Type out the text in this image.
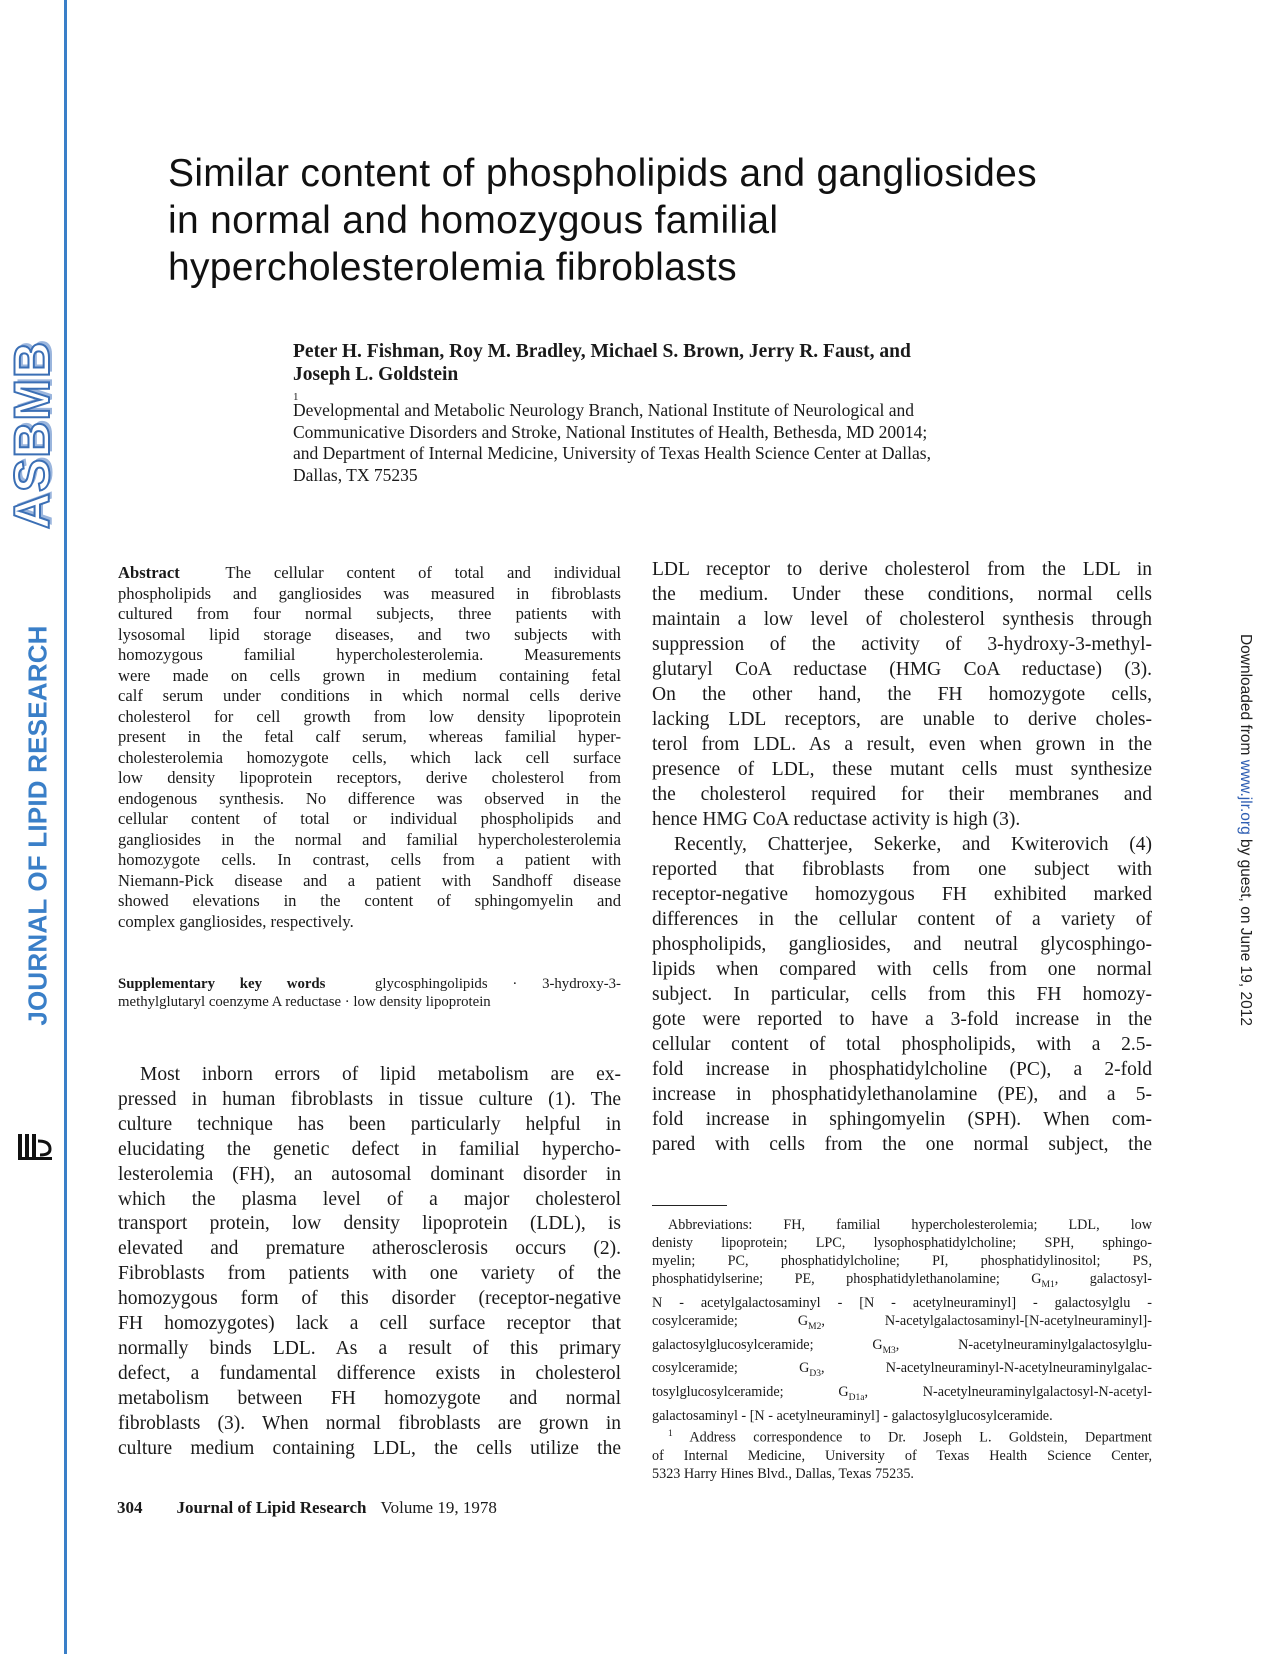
ASBMB
JOURNAL OF LIPID RESEARCH	Downloaded from www.jlr.org by guest, on June 19, 2012
Similar content of phospholipids and gangliosides
in normal and homozygous familial
hypercholesterolemia fibroblasts
Peter H. Fishman, Roy M. Bradley, Michael S. Brown, Jerry R. Faust, and
Joseph L. Goldstein
$^1$
Developmental and Metabolic Neurology Branch, National Institute of Neurological and
Communicative Disorders and Stroke, National Institutes of Health, Bethesda, MD 20014;
and Department of Internal Medicine, University of Texas Health Science Center at Dallas,
Dallas, TX 75235
Abstract	The cellular content of total and individual
phospholipids and gangliosides was measured in fibroblasts
cultured from four normal subjects, three patients with
lysosomal lipid storage diseases, and two subjects with
homozygous familial hypercholesterolemia. Measurements
were made on cells grown in medium containing fetal
calf serum under conditions in which normal cells derive
cholesterol for cell growth from low density lipoprotein
present in the fetal calf serum, whereas familial hyper-
cholesterolemia homozygote cells, which lack cell surface
low density lipoprotein receptors, derive cholesterol from
endogenous synthesis. No difference was observed in the
cellular content of total or individual phospholipids and
gangliosides in the normal and familial hypercholesterolemia
homozygote cells. In contrast, cells from a patient with
Niemann-Pick disease and a patient with Sandhoff disease
showed elevations in the content of sphingomyelin and
complex gangliosides, respectively.
Supplementary key words	glycosphingolipids · 3-hydroxy-3-
methylglutaryl coenzyme A reductase · low density lipoprotein
Most inborn errors of lipid metabolism are ex-
pressed in human fibroblasts in tissue culture (1). The
culture technique has been particularly helpful in
elucidating the genetic defect in familial hypercho-
lesterolemia (FH), an autosomal dominant disorder in
which the plasma level of a major cholesterol
transport protein, low density lipoprotein (LDL), is
elevated and premature atherosclerosis occurs (2).
Fibroblasts from patients with one variety of the
homozygous form of this disorder (receptor-negative
FH homozygotes) lack a cell surface receptor that
normally binds LDL. As a result of this primary
defect, a fundamental difference exists in cholesterol
metabolism between FH homozygote and normal
fibroblasts (3). When normal fibroblasts are grown in
culture medium containing LDL, the cells utilize the
LDL receptor to derive cholesterol from the LDL in
the medium. Under these conditions, normal cells
maintain a low level of cholesterol synthesis through
suppression of the activity of 3-hydroxy-3-methyl-
glutaryl CoA reductase (HMG CoA reductase) (3).
On the other hand, the FH homozygote cells,
lacking LDL receptors, are unable to derive choles-
terol from LDL. As a result, even when grown in the
presence of LDL, these mutant cells must synthesize
the cholesterol required for their membranes and
hence HMG CoA reductase activity is high (3).
Recently, Chatterjee, Sekerke, and Kwiterovich (4)
reported that fibroblasts from one subject with
receptor-negative homozygous FH exhibited marked
differences in the cellular content of a variety of
phospholipids, gangliosides, and neutral glycosphingo-
lipids when compared with cells from one normal
subject. In particular, cells from this FH homozy-
gote were reported to have a 3-fold increase in the
cellular content of total phospholipids, with a 2.5-
fold increase in phosphatidylcholine (PC), a 2-fold
increase in phosphatidylethanolamine (PE), and a 5-
fold increase in sphingomyelin (SPH). When com-
pared with cells from the one normal subject, the
Abbreviations: FH, familial hypercholesterolemia; LDL, low
denisty lipoprotein; LPC, lysophosphatidylcholine; SPH, sphingo-
myelin; PC, phosphatidylcholine; PI, phosphatidylinositol; PS,
phosphatidylserine; PE, phosphatidylethanolamine; $G_{M1}$, galactosyl-
N - acetylgalactosaminyl - [N - acetylneuraminyl] - galactosylglu -
cosylceramide; $G_{M2}$, N-acetylgalactosaminyl-[N-acetylneuraminyl]-
galactosylglucosylceramide; $G_{M3}$, N-acetylneuraminylgalactosylglu-
cosylceramide; $G_{D3}$, N-acetylneuraminyl-N-acetylneuraminylgalac-
tosylglucosylceramide; $G_{D1a}$, N-acetylneuraminylgalactosyl-N-acetyl-
galactosaminyl - [N - acetylneuraminyl] - galactosylglucosylceramide.
$^1$ Address correspondence to Dr. Joseph L. Goldstein, Department
of Internal Medicine, University of Texas Health Science Center,
5323 Harry Hines Blvd., Dallas, Texas 75235.
304 Journal of Lipid Research Volume 19, 1978
